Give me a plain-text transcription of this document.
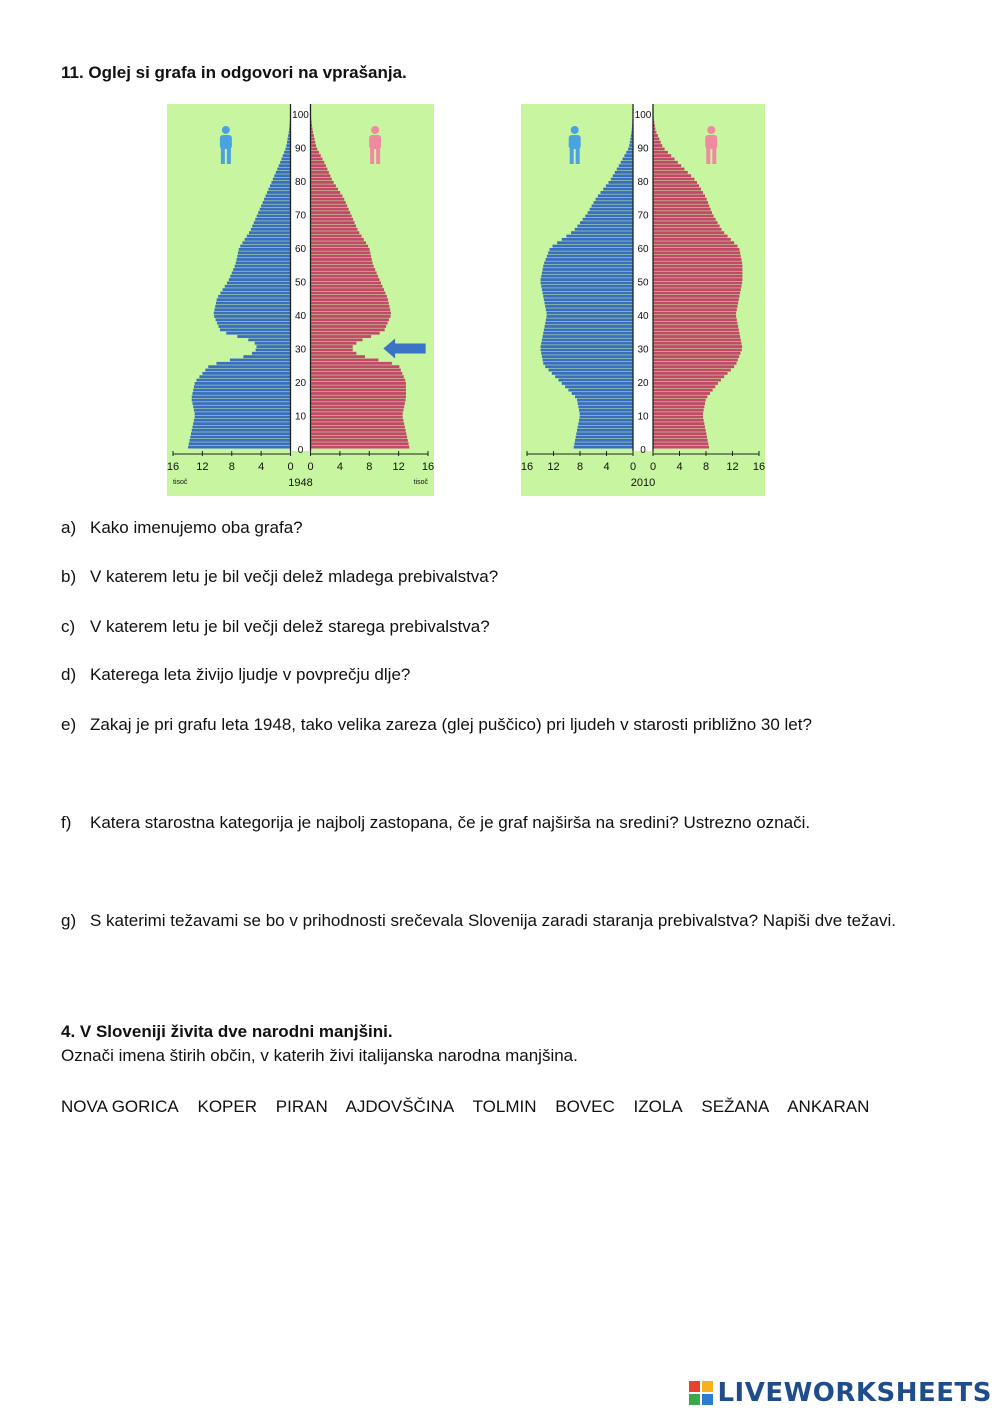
11. Oglej si grafa in odgovori na vprašanja.
0
10
20
30
40
50
60
70
80
90
100
16 12 8 4 0 0 4 8 12 16
1948
tisoč	tisoč
0
10
20
30
40
50
60
70
80
90
100
16 12 8 4 0 0 4 8 12 16
2010
a) Kako imenujemo oba grafa?
b) V katerem letu je bil večji delež mladega prebivalstva?
c) V katerem letu je bil večji delež starega prebivalstva?
d) Katerega leta živijo ljudje v povprečju dlje?
e) Zakaj je pri grafu leta 1948, tako velika zareza (glej puščico) pri ljudeh v starosti približno 30 let?
f)	Katera starostna kategorija je najbolj zastopana, če je graf najširša na sredini? Ustrezno označi.
g) S katerimi težavami se bo v prihodnosti srečevala Slovenija zaradi staranja prebivalstva? Napiši dve težavi.
4. V Sloveniji živita dve narodni manjšini.
Označi imena štirih občin, v katerih živi italijanska narodna manjšina.
NOVA GORICA KOPER PIRAN AJDOVŠČINA TOLMIN BOVEC IZOLA SEŽANA ANKARAN
LIVEWORKSHEETS
